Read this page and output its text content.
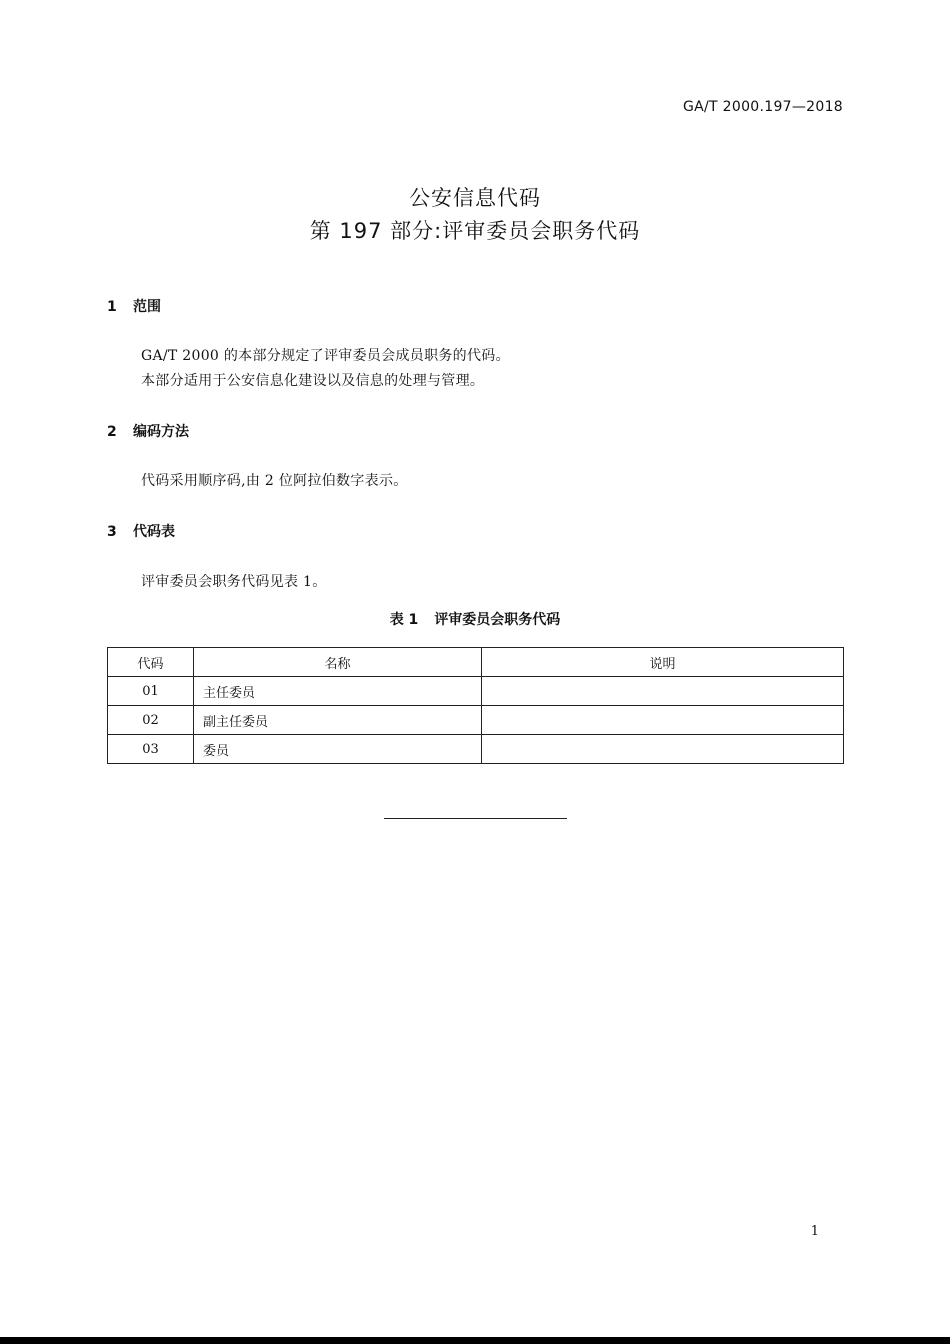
GA/T 2000.197—2018
公安信息代码
第 197 部分:评审委员会职务代码
1 范围
GA/T 2000 的本部分规定了评审委员会成员职务的代码。
本部分适用于公安信息化建设以及信息的处理与管理。
2 编码方法
代码采用顺序码,由 2 位阿拉伯数字表示。
3 代码表
评审委员会职务代码见表 1。
表 1 评审委员会职务代码
代码	名称	说明
01	主任委员	
02	副主任委员	
03	委员	
1
